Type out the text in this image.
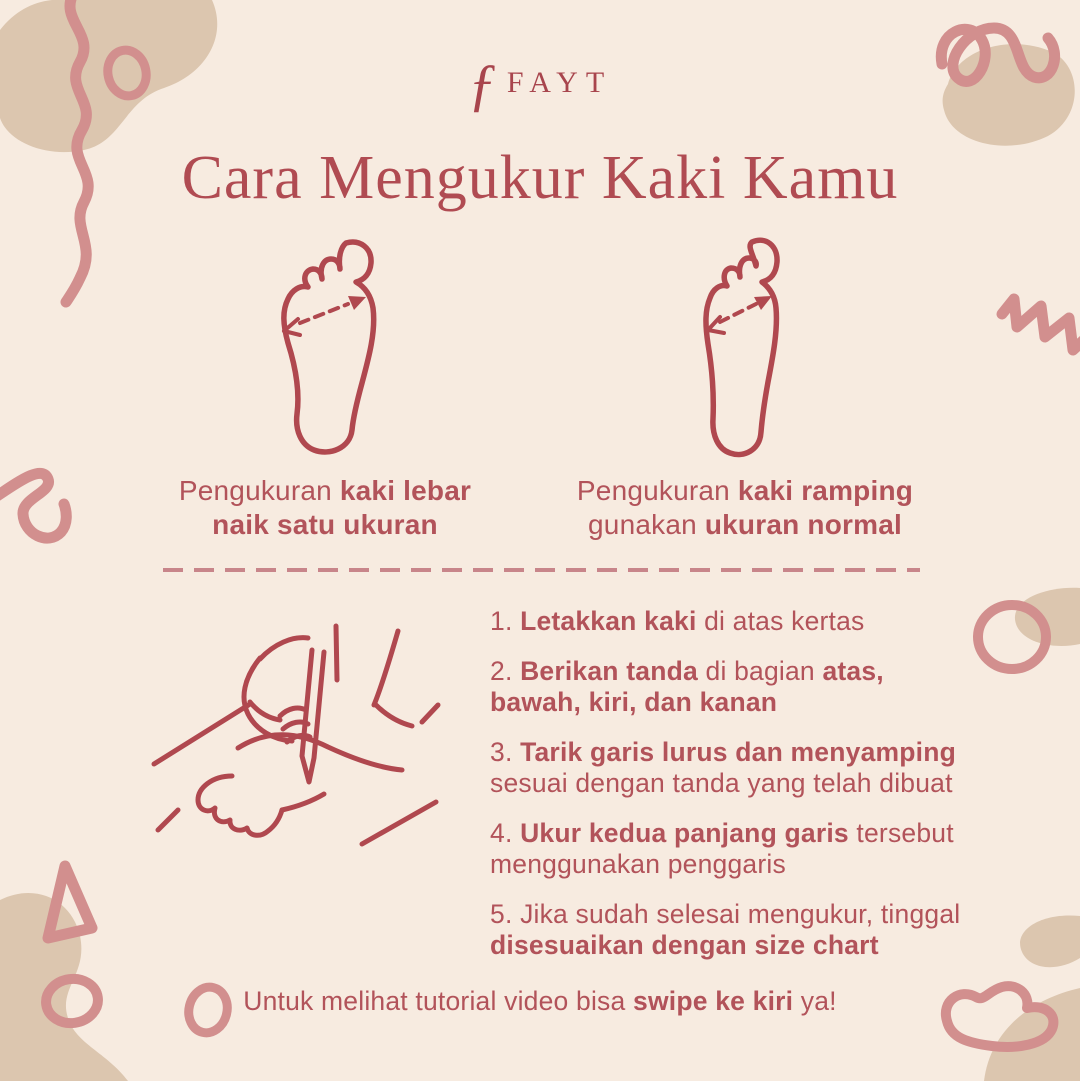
ƒFAYT
Cara Mengukur Kaki Kamu
Pengukuran kaki lebar
naik satu ukuran
Pengukuran kaki ramping
gunakan ukuran normal

1. Letakkan kaki di atas kertas

2. Berikan tanda di bagian atas, bawah, kiri, dan kanan

3. Tarik garis lurus dan menyamping sesuai dengan tanda yang telah dibuat

4. Ukur kedua panjang garis tersebut menggunakan penggaris

5. Jika sudah selesai mengukur, tinggal disesuaikan dengan size chart

Untuk melihat tutorial video bisa swipe ke kiri ya!
